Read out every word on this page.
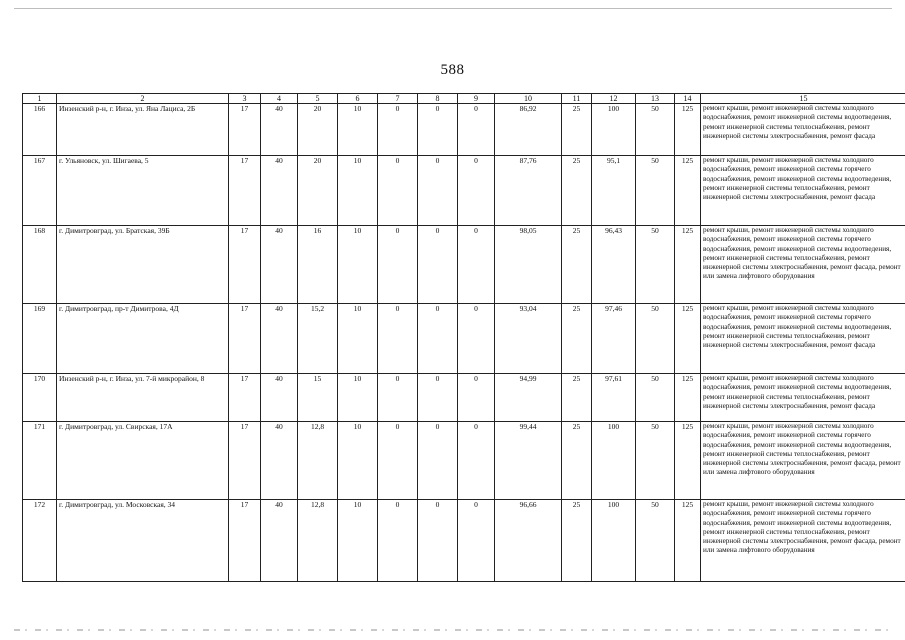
588
1	2	3	4	5	6	7	8	9	10	11	12	13	14	15
166	Инзенский р-н, г. Инза, ул. Яна Лациса, 2Б	17	40	20	10	0	0	0	86,92	25	100	50	125	ремонт крыши, ремонт инженерной системы холодного водоснабжения, ремонт инженерной системы водоотведения, ремонт инженерной системы теплоснабжения, ремонт инженерной системы электроснабжения, ремонт фасада
167	г. Ульяновск, ул. Шигаева, 5	17	40	20	10	0	0	0	87,76	25	95,1	50	125	ремонт крыши, ремонт инженерной системы холодного водоснабжения, ремонт инженерной системы горячего водоснабжения, ремонт инженерной системы водоотведения, ремонт инженерной системы теплоснабжения, ремонт инженерной системы электроснабжения, ремонт фасада
168	г. Димитровград, ул. Братская, 39Б	17	40	16	10	0	0	0	98,05	25	96,43	50	125	ремонт крыши, ремонт инженерной системы холодного водоснабжения, ремонт инженерной системы горячего водоснабжения, ремонт инженерной системы водоотведения, ремонт инженерной системы теплоснабжения, ремонт инженерной системы электроснабжения, ремонт фасада, ремонт или замена лифтового оборудования
169	г. Димитровград, пр-т Димитрова, 4Д	17	40	15,2	10	0	0	0	93,04	25	97,46	50	125	ремонт крыши, ремонт инженерной системы холодного водоснабжения, ремонт инженерной системы горячего водоснабжения, ремонт инженерной системы водоотведения, ремонт инженерной системы теплоснабжения, ремонт инженерной системы электроснабжения, ремонт фасада
170	Инзенский р-н, г. Инза, ул. 7-й микрорайон, 8	17	40	15	10	0	0	0	94,99	25	97,61	50	125	ремонт крыши, ремонт инженерной системы холодного водоснабжения, ремонт инженерной системы водоотведения, ремонт инженерной системы теплоснабжения, ремонт инженерной системы электроснабжения, ремонт фасада
171	г. Димитровград, ул. Свирская, 17А	17	40	12,8	10	0	0	0	99,44	25	100	50	125	ремонт крыши, ремонт инженерной системы холодного водоснабжения, ремонт инженерной системы горячего водоснабжения, ремонт инженерной системы водоотведения, ремонт инженерной системы теплоснабжения, ремонт инженерной системы электроснабжения, ремонт фасада, ремонт или замена лифтового оборудования
172	г. Димитровград, ул. Московская, 34	17	40	12,8	10	0	0	0	96,66	25	100	50	125	ремонт крыши, ремонт инженерной системы холодного водоснабжения, ремонт инженерной системы горячего водоснабжения, ремонт инженерной системы водоотведения, ремонт инженерной системы теплоснабжения, ремонт инженерной системы электроснабжения, ремонт фасада, ремонт или замена лифтового оборудования
